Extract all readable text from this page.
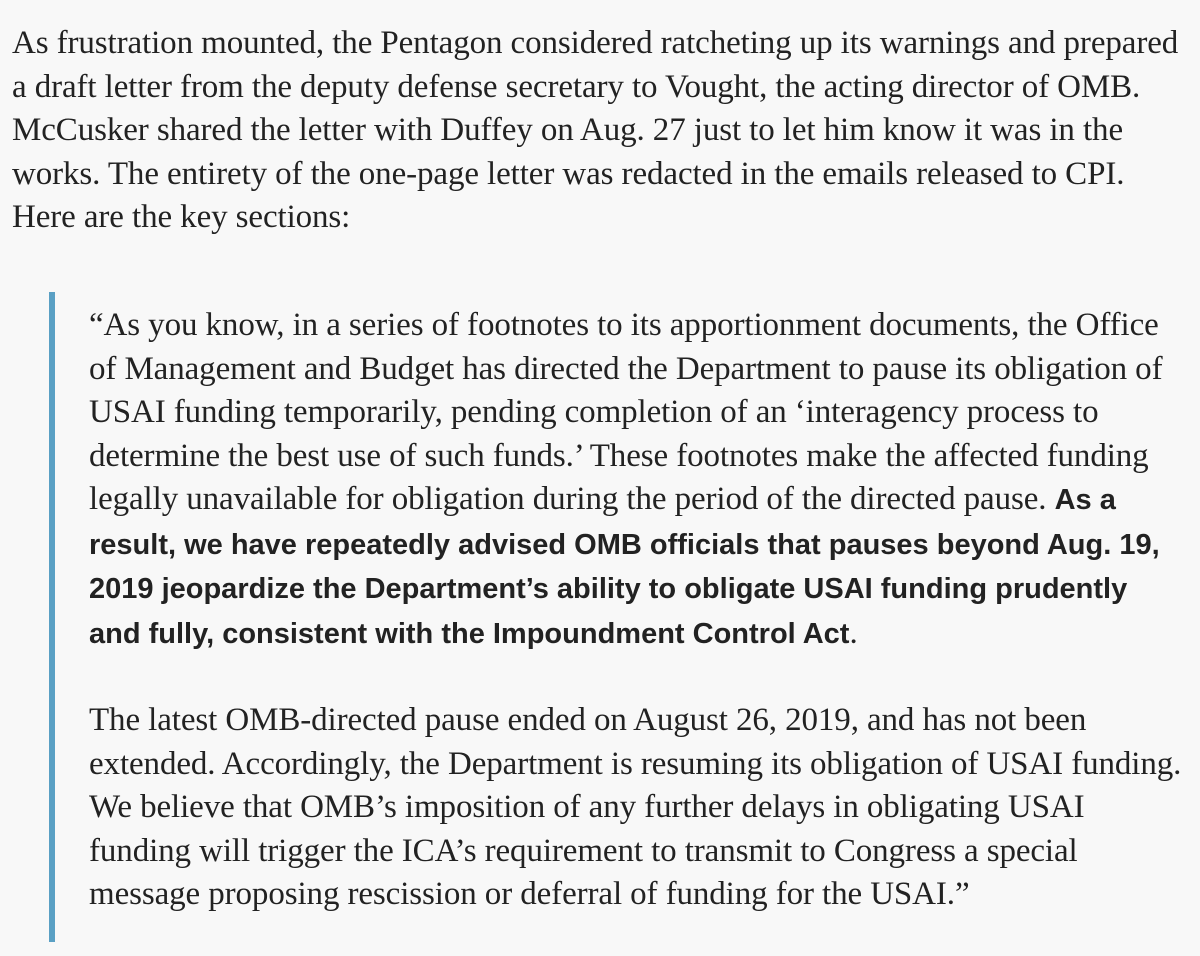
As frustration mounted, the Pentagon considered ratcheting up its warnings and prepared a draft letter from the deputy defense secretary to Vought, the acting director of OMB. McCusker shared the letter with Duffey on Aug. 27 just to let him know it was in the works. The entirety of the one-page letter was redacted in the emails released to CPI. Here are the key sections:

“As you know, in a series of footnotes to its apportionment documents, the Office of Management and Budget has directed the Department to pause its obligation of USAI funding temporarily, pending completion of an ‘interagency process to determine the best use of such funds.’ These footnotes make the affected funding legally unavailable for obligation during the period of the directed pause. As a result, we have repeatedly advised OMB officials that pauses beyond Aug. 19, 2019 jeopardize the Department’s ability to obligate USAI funding prudently and fully, consistent with the Impoundment Control Act.

The latest OMB-directed pause ended on August 26, 2019, and has not been extended. Accordingly, the Department is resuming its obligation of USAI funding. We believe that OMB’s imposition of any further delays in obligating USAI funding will trigger the ICA’s requirement to transmit to Congress a special message proposing rescission or deferral of funding for the USAI.”
